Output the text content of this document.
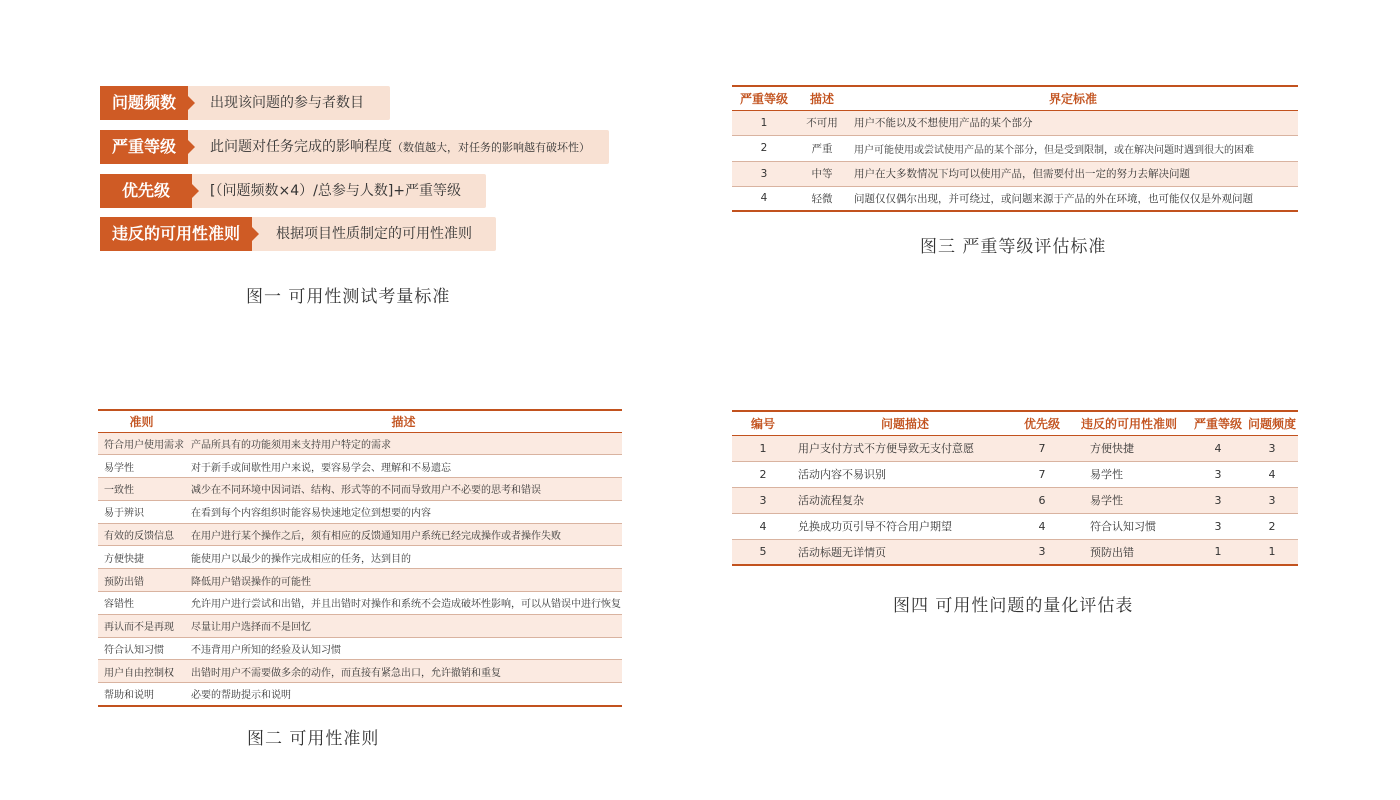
出现该问题的参与者数目
问题频数
此问题对任务完成的影响程度（数值越大，对任务的影响越有破坏性）
严重等级
[（问题频数×4）/总参与人数]+严重等级
优先级
根据项目性质制定的可用性准则
违反的可用性准则
图一 可用性测试考量标准
严重等级	描述	界定标准
1	不可用	用户不能以及不想使用产品的某个部分
2	严重	用户可能使用或尝试使用产品的某个部分，但是受到限制，或在解决问题时遇到很大的困难
3	中等	用户在大多数情况下均可以使用产品，但需要付出一定的努力去解决问题
4	轻微	问题仅仅偶尔出现，并可绕过，或问题来源于产品的外在环境，也可能仅仅是外观问题
图三 严重等级评估标准
准则	描述
符合用户使用需求	产品所具有的功能须用来支持用户特定的需求
易学性	对于新手或间歇性用户来说，要容易学会、理解和不易遗忘
一致性	减少在不同环境中因词语、结构、形式等的不同而导致用户不必要的思考和错误
易于辨识	在看到每个内容组织时能容易快速地定位到想要的内容
有效的反馈信息	在用户进行某个操作之后，须有相应的反馈通知用户系统已经完成操作或者操作失败
方便快捷	能使用户以最少的操作完成相应的任务，达到目的
预防出错	降低用户错误操作的可能性
容错性	允许用户进行尝试和出错，并且出错时对操作和系统不会造成破坏性影响，可以从错误中进行恢复
再认而不是再现	尽量让用户选择而不是回忆
符合认知习惯	不违背用户所知的经验及认知习惯
用户自由控制权	出错时用户不需要做多余的动作，而直接有紧急出口，允许撤销和重复
帮助和说明	必要的帮助提示和说明
图二 可用性准则
编号	问题描述	优先级	违反的可用性准则	严重等级	问题频度
1	用户支付方式不方便导致无支付意愿	7	方便快捷	4	3
2	活动内容不易识别	7	易学性	3	4
3	活动流程复杂	6	易学性	3	3
4	兑换成功页引导不符合用户期望	4	符合认知习惯	3	2
5	活动标题无详情页	3	预防出错	1	1
图四 可用性问题的量化评估表
